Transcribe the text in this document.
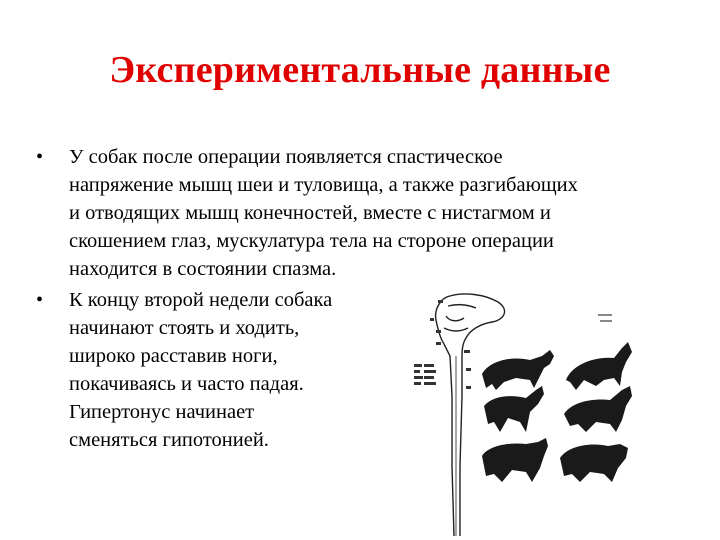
Экспериментальные данные
•	У собак после операции появляется спастическое
напряжение мышц шеи и туловища, а также разгибающих
и отводящих мышц конечностей, вместе с нистагмом и
скошением глаз, мускулатура тела на стороне операции
находится в состоянии спазма.
•	К концу второй недели собака
начинают стоять и ходить,
широко расставив ноги,
покачиваясь и часто падая.
Гипертонус начинает
сменяться гипотонией.
